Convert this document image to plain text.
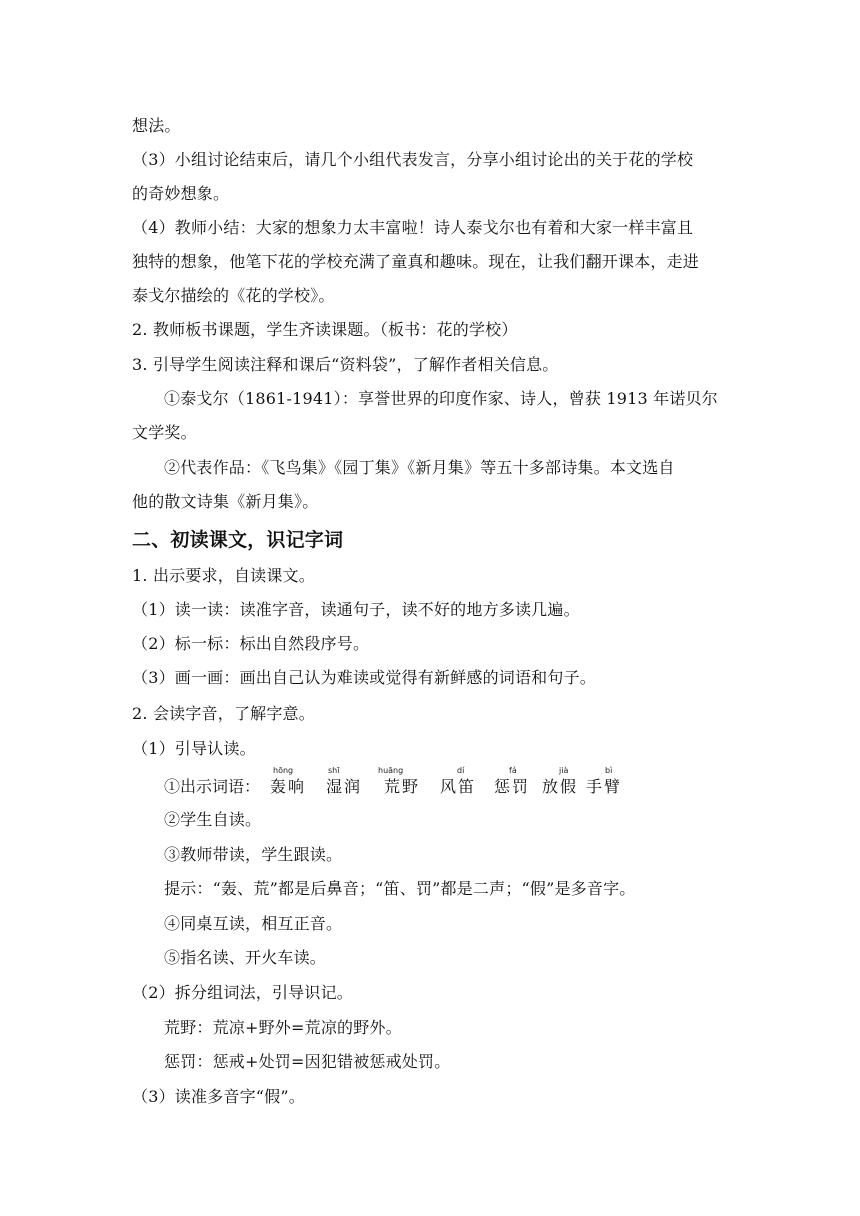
想法。
（3）小组讨论结束后，请几个小组代表发言，分享小组讨论出的关于花的学校
的奇妙想象。
（4）教师小结：大家的想象力太丰富啦！诗人泰戈尔也有着和大家一样丰富且
独特的想象，他笔下花的学校充满了童真和趣味。现在，让我们翻开课本，走进
泰戈尔描绘的《花的学校》。
2. 教师板书课题，学生齐读课题。（板书：花的学校）
3. 引导学生阅读注释和课后“资料袋”，了解作者相关信息。
①泰戈尔（1861-1941）：享誉世界的印度作家、诗人，曾获 1913 年诺贝尔
文学奖。
②代表作品：《飞鸟集》《园丁集》《新月集》等五十多部诗集。本文选自
他的散文诗集《新月集》。
二、初读课文，识记字词
1. 出示要求，自读课文。
（1）读一读：读准字音，读通句子，读不好的地方多读几遍。
（2）标一标：标出自然段序号。
（3）画一画：画出自己认为难读或觉得有新鲜感的词语和句子。
2. 会读字音，了解字意。
（1）引导认读。
①出示词语：
hōng
轰响
shī
湿润
huāng
荒野
dí
风笛
fá
惩罚
jià
放假
bì
手臂
②学生自读。
③教师带读，学生跟读。
提示：“轰、荒”都是后鼻音；“笛、罚”都是二声；“假”是多音字。
④同桌互读，相互正音。
⑤指名读、开火车读。
（2）拆分组词法，引导识记。
荒野：荒凉+野外=荒凉的野外。
惩罚：惩戒+处罚=因犯错被惩戒处罚。
（3）读准多音字“假”。
